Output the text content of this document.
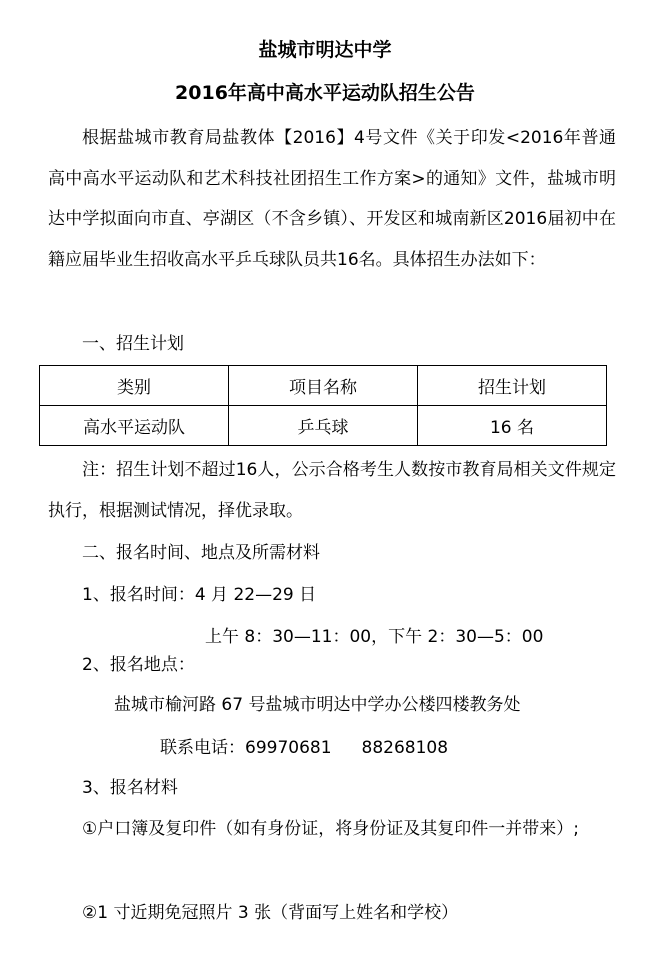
盐城市明达中学
2016年高中高水平运动队招生公告
根据盐城市教育局盐教体【2016】4号文件《关于印发<2016年普通高中高水平运动队和艺术科技社团招生工作方案>的通知》文件，盐城市明达中学拟面向市直、亭湖区（不含乡镇）、开发区和城南新区2016届初中在籍应届毕业生招收高水平乒乓球队员共16名。具体招生办法如下：
一、招生计划
类别	项目名称	招生计划
高水平运动队	乒乓球	16 名
注：招生计划不超过16人，公示合格考生人数按市教育局相关文件规定执行，根据测试情况，择优录取。
二、报名时间、地点及所需材料
1、报名时间：4 月 22—29 日
上午 8：30—11：00，下午 2：30—5：00
2、报名地点：
盐城市榆河路 67 号盐城市明达中学办公楼四楼教务处
联系电话：69970681 88268108
3、报名材料
①户口簿及复印件（如有身份证，将身份证及其复印件一并带来）;
②1 寸近期免冠照片 3 张（背面写上姓名和学校）
